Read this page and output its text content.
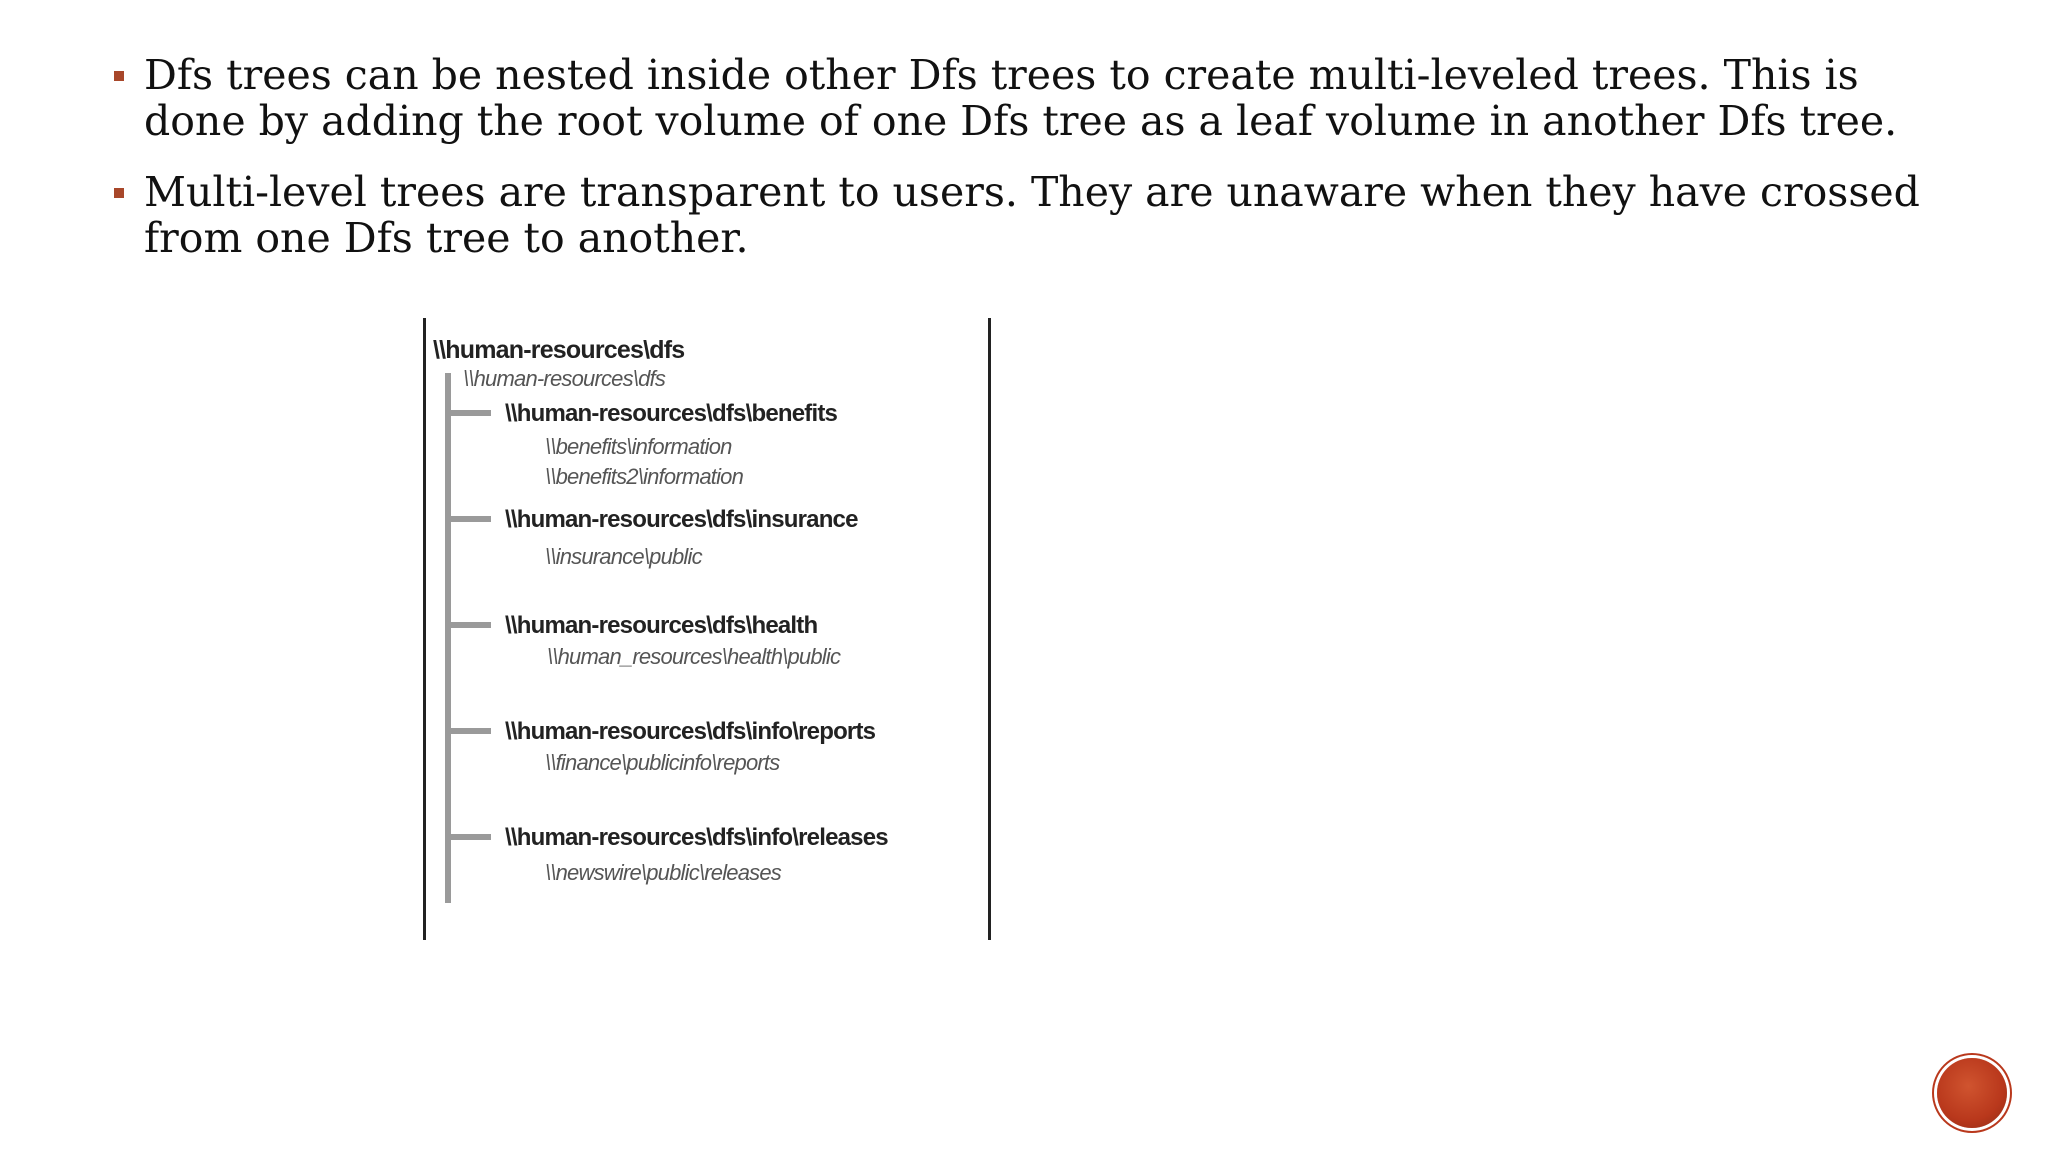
Dfs trees can be nested inside other Dfs trees to create multi-leveled trees. This is done by adding the root volume of one Dfs tree as a leaf volume in another Dfs tree.
Multi-level trees are transparent to users. They are unaware when they have crossed from one Dfs tree to another.
\\human-resources\dfs
\\human-resources\dfs
\\human-resources\dfs\benefits
\\benefits\information
\\benefits2\information
\\human-resources\dfs\insurance
\\insurance\public
\\human-resources\dfs\health
\\human_resources\health\public
\\human-resources\dfs\info\reports
\\finance\publicinfo\reports
\\human-resources\dfs\info\releases
\\newswire\public\releases
